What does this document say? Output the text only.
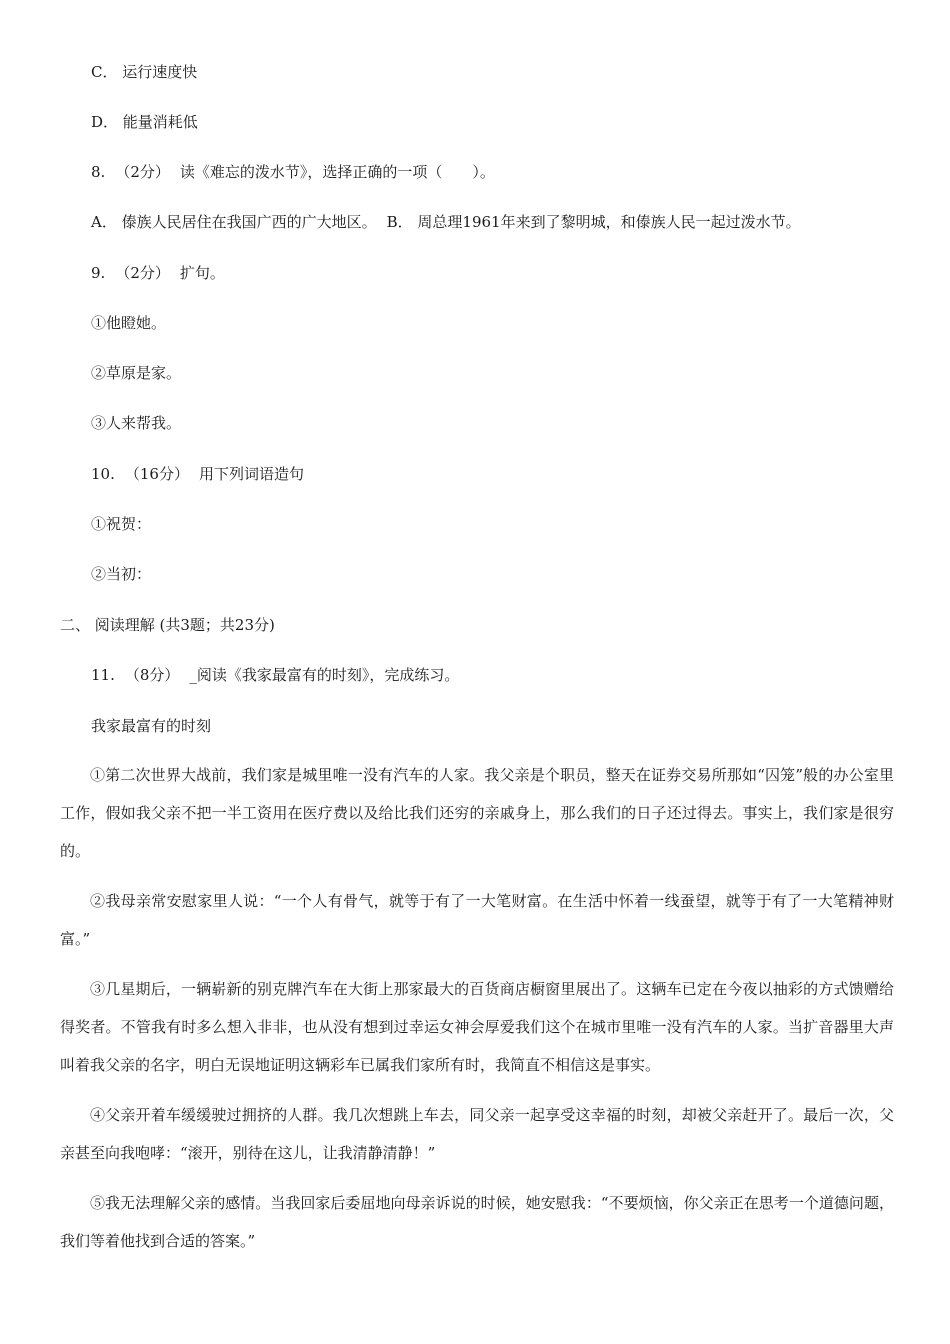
C． 运行速度快
D． 能量消耗低
8. （2分） 读《难忘的泼水节》，选择正确的一项（　　）。
A． 傣族人民居住在我国广西的广大地区。 B． 周总理1961年来到了黎明城，和傣族人民一起过泼水节。
9. （2分） 扩句。
①他瞪她。
②草原是家。
③人来帮我。
10. （16分） 用下列词语造句
①祝贺：
②当初：
二、 阅读理解 (共3题；共23分)
11. （8分） _阅读《我家最富有的时刻》，完成练习。
我家最富有的时刻
①第二次世界大战前，我们家是城里唯一没有汽车的人家。我父亲是个职员，整天在证券交易所那如“囚笼”般的办公室里工作，假如我父亲不把一半工资用在医疗费以及给比我们还穷的亲戚身上，那么我们的日子还过得去。事实上，我们家是很穷的。
②我母亲常安慰家里人说：“一个人有骨气，就等于有了一大笔财富。在生活中怀着一线蚕望，就等于有了一大笔精神财富。”
③几星期后，一辆崭新的别克牌汽车在大街上那家最大的百货商店橱窗里展出了。这辆车已定在今夜以抽彩的方式馈赠给得奖者。不管我有时多么想入非非，也从没有想到过幸运女神会厚爱我们这个在城市里唯一没有汽车的人家。当扩音器里大声叫着我父亲的名字，明白无误地证明这辆彩车已属我们家所有时，我简直不相信这是事实。
④父亲开着车缓缓驶过拥挤的人群。我几次想跳上车去，同父亲一起享受这幸福的时刻，却被父亲赶开了。最后一次，父亲甚至向我咆哮：“滚开，别待在这儿，让我清静清静！”
⑤我无法理解父亲的感情。当我回家后委屈地向母亲诉说的时候，她安慰我：“不要烦恼，你父亲正在思考一个道德问题，我们等着他找到合适的答案。”
